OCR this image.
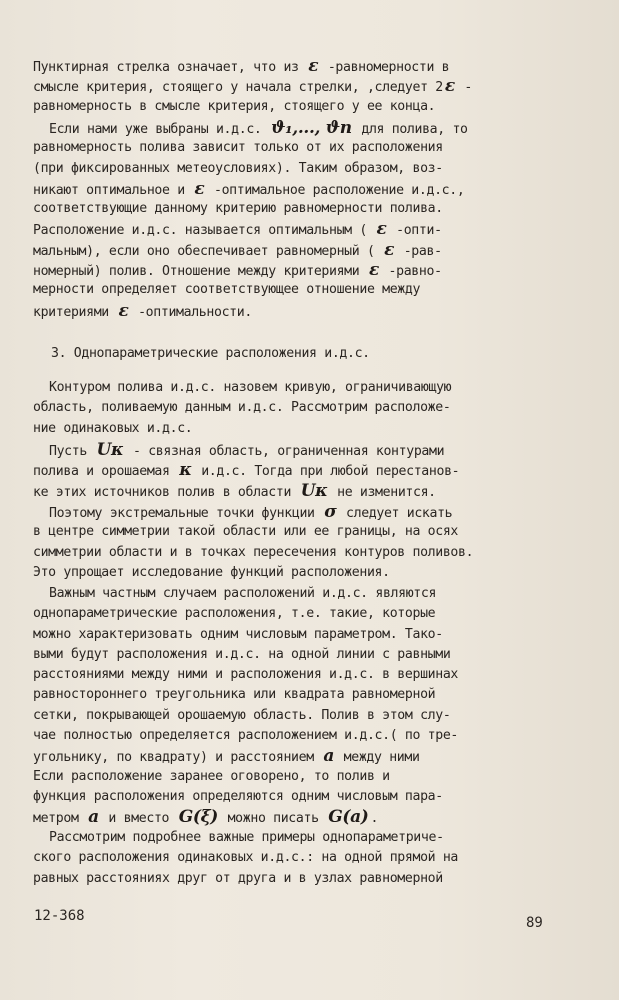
Пунктирная стрелка означает, что из ε -равномерности в
смысле критерия, стоящего у начала стрелки, ,следует 2 ε -
равномерность в смысле критерия, стоящего у ее конца.
Если нами уже выбраны и.д.с. ϑ₁,..., ϑn для полива, то
равномерность полива зависит только от их расположения
(при фиксированных метеоусловиях). Таким образом, воз-
никают оптимальное и ε -оптимальное расположение и.д.с.,
соответствующие данному критерию равномерности полива.
Расположение и.д.с. называется оптимальным ( ε -опти-
мальным), если оно обеспечивает равномерный ( ε -рав-
номерный) полив. Отношение между критериями ε -равно-
мерности определяет соответствующее отношение между
критериями ε -оптимальности.
3. Однопараметрические расположения и.д.с.
Контуром полива и.д.с. назовем кривую, ограничивающую
область, поливаемую данным и.д.с. Рассмотрим расположе-
ние одинаковых и.д.с.
Пусть Uκ - связная область, ограниченная контурами
полива и орошаемая κ и.д.с. Тогда при любой перестанов-
ке этих источников полив в области Uκ не изменится.
Поэтому экстремальные точки функции σ следует искать
в центре симметрии такой области или ее границы, на осях
симметрии области и в точках пересечения контуров поливов.
Это упрощает исследование функций расположения.
Важным частным случаем расположений и.д.с. являются
однопараметрические расположения, т.е. такие, которые
можно характеризовать одним числовым параметром. Тако-
выми будут расположения и.д.с. на одной линии с равными
расстояниями между ними и расположения и.д.с. в вершинах
равностороннего треугольника или квадрата равномерной
сетки, покрывающей орошаемую область. Полив в этом слу-
чае полностью определяется расположением и.д.с.( по тре-
угольнику, по квадрату) и расстоянием a между ними
Если расположение заранее оговорено, то полив и
функция расположения определяются одним числовым пара-
метром a и вместо G(ξ) можно писать G(a) .
Рассмотрим подробнее важные примеры однопараметриче-
ского расположения одинаковых и.д.с.: на одной прямой на
равных расстояниях друг от друга и в узлах равномерной
12-368	89
